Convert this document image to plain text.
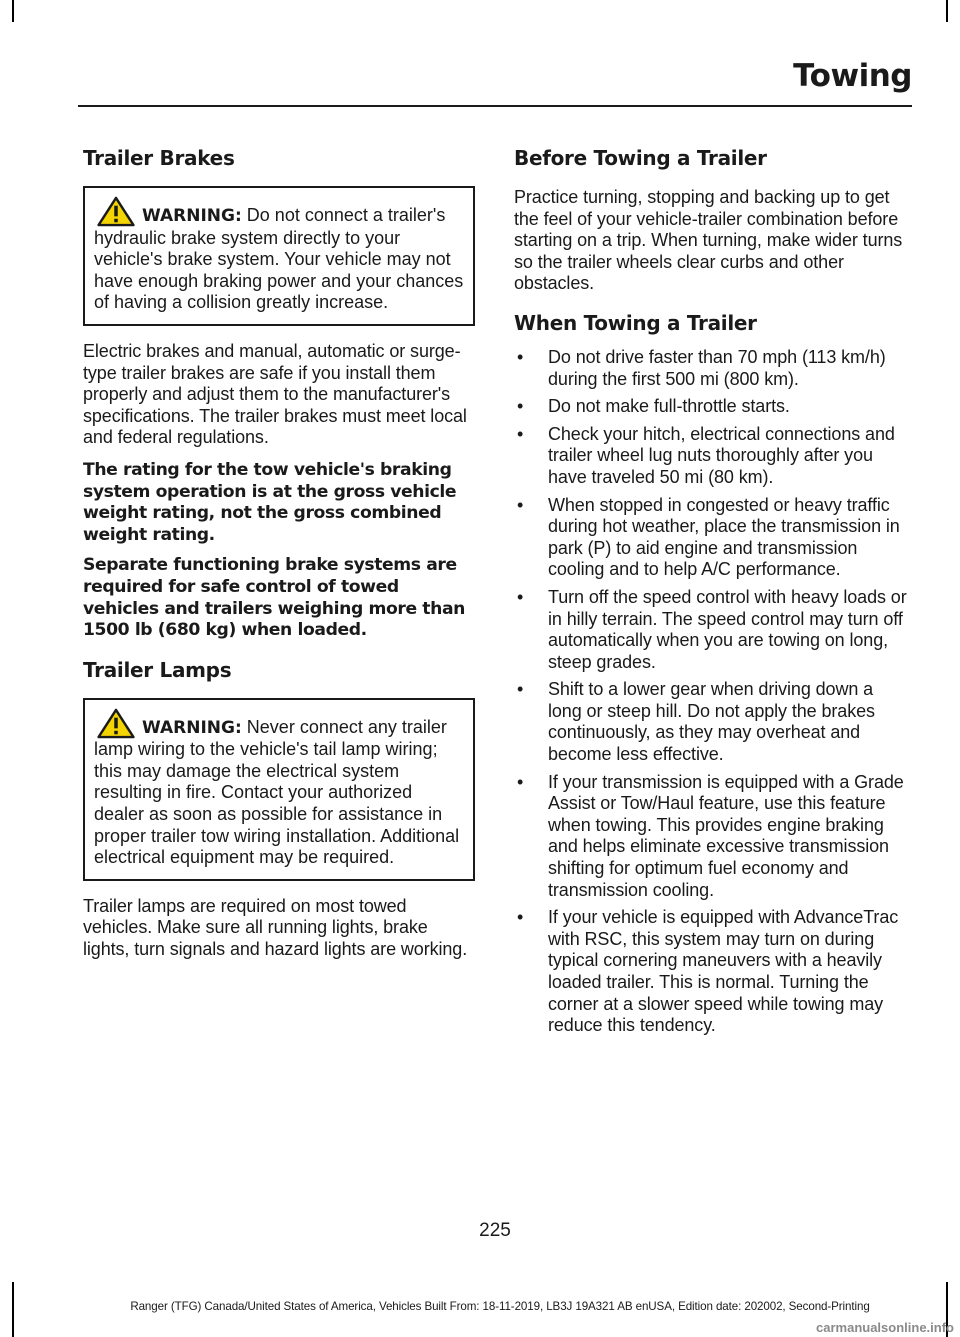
Towing
Trailer Brakes
WARNING: Do not connect a trailer's hydraulic brake system directly to your vehicle's brake system. Your vehicle may not have enough braking power and your chances of having a collision greatly increase.

Electric brakes and manual, automatic or surge-type trailer brakes are safe if you install them properly and adjust them to the manufacturer's specifications. The trailer brakes must meet local and federal regulations.

The rating for the tow vehicle's braking system operation is at the gross vehicle weight rating, not the gross combined weight rating.

Separate functioning brake systems are required for safe control of towed vehicles and trailers weighing more than 1500 lb (680 kg) when loaded.

Trailer Lamps
WARNING: Never connect any trailer lamp wiring to the vehicle's tail lamp wiring; this may damage the electrical system resulting in fire. Contact your authorized dealer as soon as possible for assistance in proper trailer tow wiring installation. Additional electrical equipment may be required.

Trailer lamps are required on most towed vehicles. Make sure all running lights, brake lights, turn signals and hazard lights are working.

Before Towing a Trailer

Practice turning, stopping and backing up to get the feel of your vehicle-trailer combination before starting on a trip. When turning, make wider turns so the trailer wheels clear curbs and other obstacles.

When Towing a Trailer
• Do not drive faster than 70 mph (113 km/h) during the first 500 mi (800 km).
• Do not make full-throttle starts.
• Check your hitch, electrical connections and trailer wheel lug nuts thoroughly after you have traveled 50 mi (80 km).
• When stopped in congested or heavy traffic during hot weather, place the transmission in park (P) to aid engine and transmission cooling and to help A/C performance.
• Turn off the speed control with heavy loads or in hilly terrain. The speed control may turn off automatically when you are towing on long, steep grades.
• Shift to a lower gear when driving down a long or steep hill. Do not apply the brakes continuously, as they may overheat and become less effective.
• If your transmission is equipped with a Grade Assist or Tow/Haul feature, use this feature when towing. This provides engine braking and helps eliminate excessive transmission shifting for optimum fuel economy and transmission cooling.
• If your vehicle is equipped with AdvanceTrac with RSC, this system may turn on during typical cornering maneuvers with a heavily loaded trailer. This is normal. Turning the corner at a slower speed while towing may reduce this tendency.
225
Ranger (TFG) Canada/United States of America, Vehicles Built From: 18-11-2019, LB3J 19A321 AB enUSA, Edition date: 202002, Second-Printing
carmanualsonline.info
